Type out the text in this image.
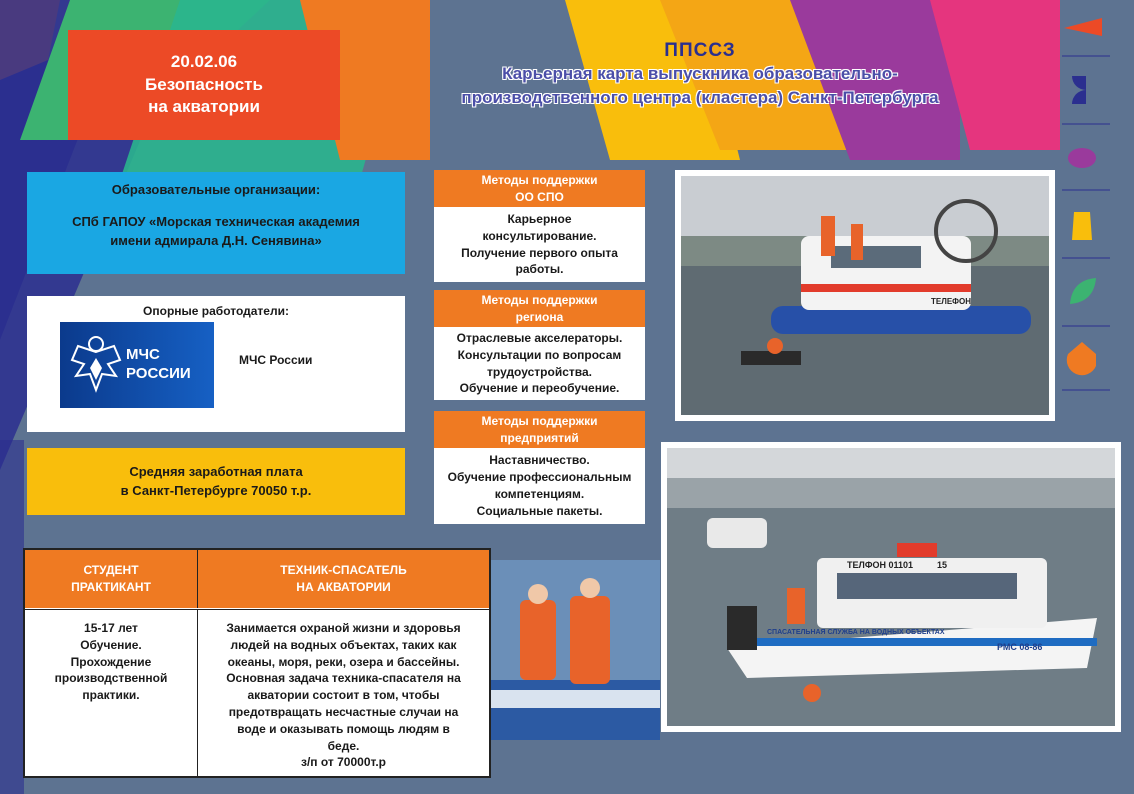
20.02.06
Безопасность
на акватории
ППССЗ
Карьерная карта выпускника образовательно-
производственного центра (кластера) Санкт-Петербурга
Образовательные организации:
СПб ГАПОУ «Морская техническая академия
имени адмирала Д.Н. Сенявина»
Опорные работодатели:
МЧС
РОССИИ
МЧС России
Средняя заработная плата
в Санкт-Петербурге 70050 т.р.
Методы поддержки
ОО СПО
Карьерное
консультирование.
Получение первого опыта
работы.
Методы поддержки
региона
Отраслевые акселераторы.
Консультации по вопросам
трудоустройства.
Обучение и переобучение.
Методы поддержки
предприятий
Наставничество.
Обучение профессиональным
компетенциям.
Социальные пакеты.
ТЕЛЕФОН
ТЕЛФОН 01101	15
СПАСАТЕЛЬНАЯ СЛУЖБА НА ВОДНЫХ ОБЪЕКТАХ
РМС 08-86
СТУДЕНТ
ПРАКТИКАНТ
ТЕХНИК-СПАСАТЕЛЬ
НА АКВАТОРИИ
15-17 лет
Обучение.
Прохождение
производственной
практики.
Занимается охраной жизни и здоровья
людей на водных объектах, таких как
океаны, моря, реки, озера и бассейны.
Основная задача техника-спасателя на
акватории состоит в том, чтобы
предотвращать несчастные случаи на
воде и оказывать помощь людям в
беде.
з/п от 70000т.р
